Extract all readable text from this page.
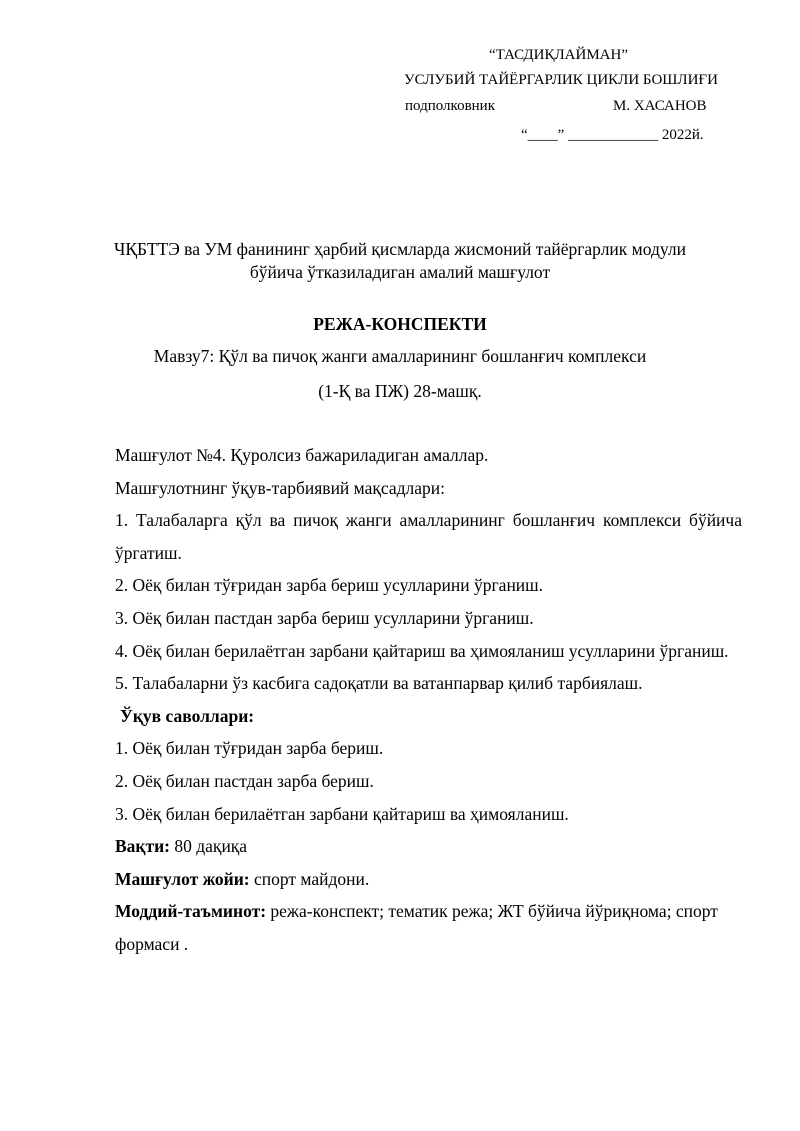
“ТАСДИҚЛАЙМАН”
УСЛУБИЙ ТАЙЁРГАРЛИК ЦИКЛИ БОШЛИҒИ
подполковник	М. ХАСАНОВ
“____” ____________ 2022й.
ЧҚБТТЭ ва УМ фанининг ҳарбий қисмларда жисмоний тайёргарлик модули
бўйича ўтказиладиган амалий машғулот
РЕЖА-КОНСПЕКТИ
Мавзу7: Қўл ва пичоқ жанги амалларининг бошланғич комплекси
(1-Қ ва ПЖ) 28-машқ.
Машғулот №4. Қуролсиз бажариладиган амаллар.
Машғулотнинг ўқув-тарбиявий мақсадлари:
1. Талабаларга қўл ва пичоқ жанги амалларининг бошланғич комплекси бўйича ўргатиш.
2. Оёқ билан тўғридан зарба бериш усулларини ўрганиш.
3. Оёқ билан пастдан зарба бериш усулларини ўрганиш.
4. Оёқ билан берилаётган зарбани қайтариш ва ҳимояланиш усулларини ўрганиш.
5. Талабаларни ўз касбига садоқатли ва ватанпарвар қилиб тарбиялаш.
Ўқув саволлари:
1. Оёқ билан тўғридан зарба бериш.
2. Оёқ билан пастдан зарба бериш.
3. Оёқ билан берилаётган зарбани қайтариш ва ҳимояланиш.
Вақти: 80 дақиқа
Машғулот жойи: спорт майдони.
Моддий-таъминот: режа-конспект; тематик режа; ЖТ бўйича йўриқнома; спорт формаси .
